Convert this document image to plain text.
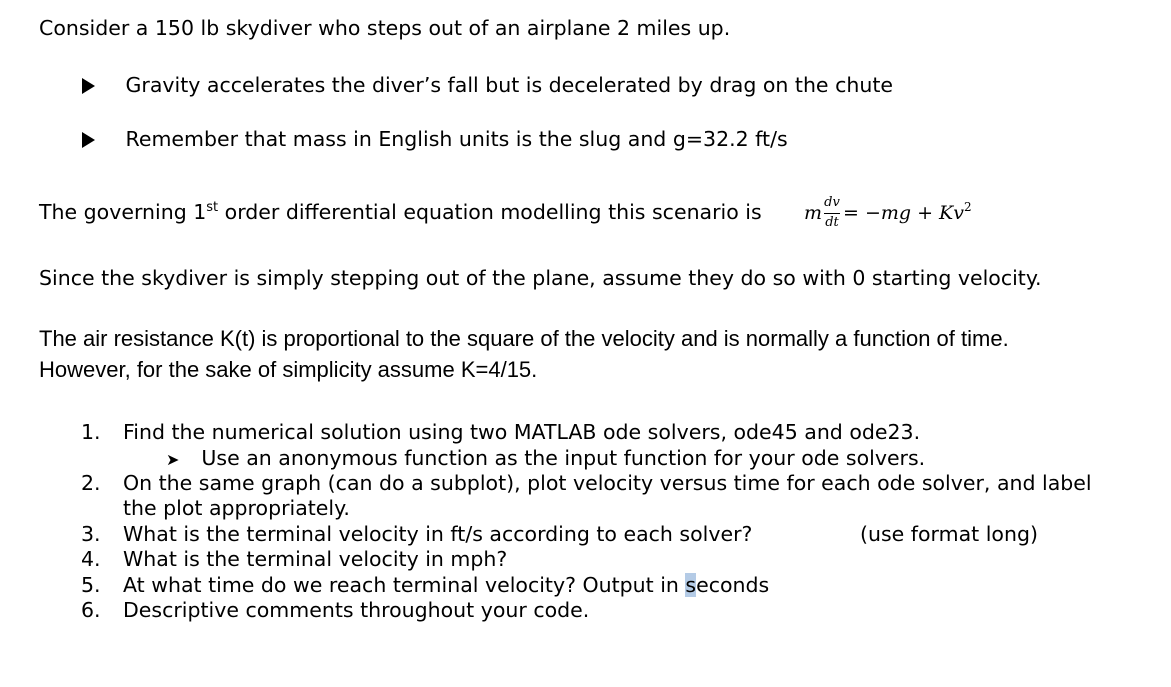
Consider a 150 lb skydiver who steps out of an airplane 2 miles up.
Gravity accelerates the diver’s fall but is decelerated by drag on the chute
Remember that mass in English units is the slug and g=32.2 ft/s
The governing 1st order differential equation modelling this scenario is m dv
dt = $-mg + Kv^2$
Since the skydiver is simply stepping out of the plane, assume they do so with 0 starting velocity.
The air resistance K(t) is proportional to the square of the velocity and is normally a function of time.
However, for the sake of simplicity assume K=4/15.
1. Find the numerical solution using two MATLAB ode solvers, ode45 and ode23.
➤ Use an anonymous function as the input function for your ode solvers.
2. On the same graph (can do a subplot), plot velocity versus time for each ode solver, and label
the plot appropriately.
3. What is the terminal velocity in ft/s according to each solver?	(use format long)
4. What is the terminal velocity in mph?
5. At what time do we reach terminal velocity? Output in seconds
6. Descriptive comments throughout your code.
